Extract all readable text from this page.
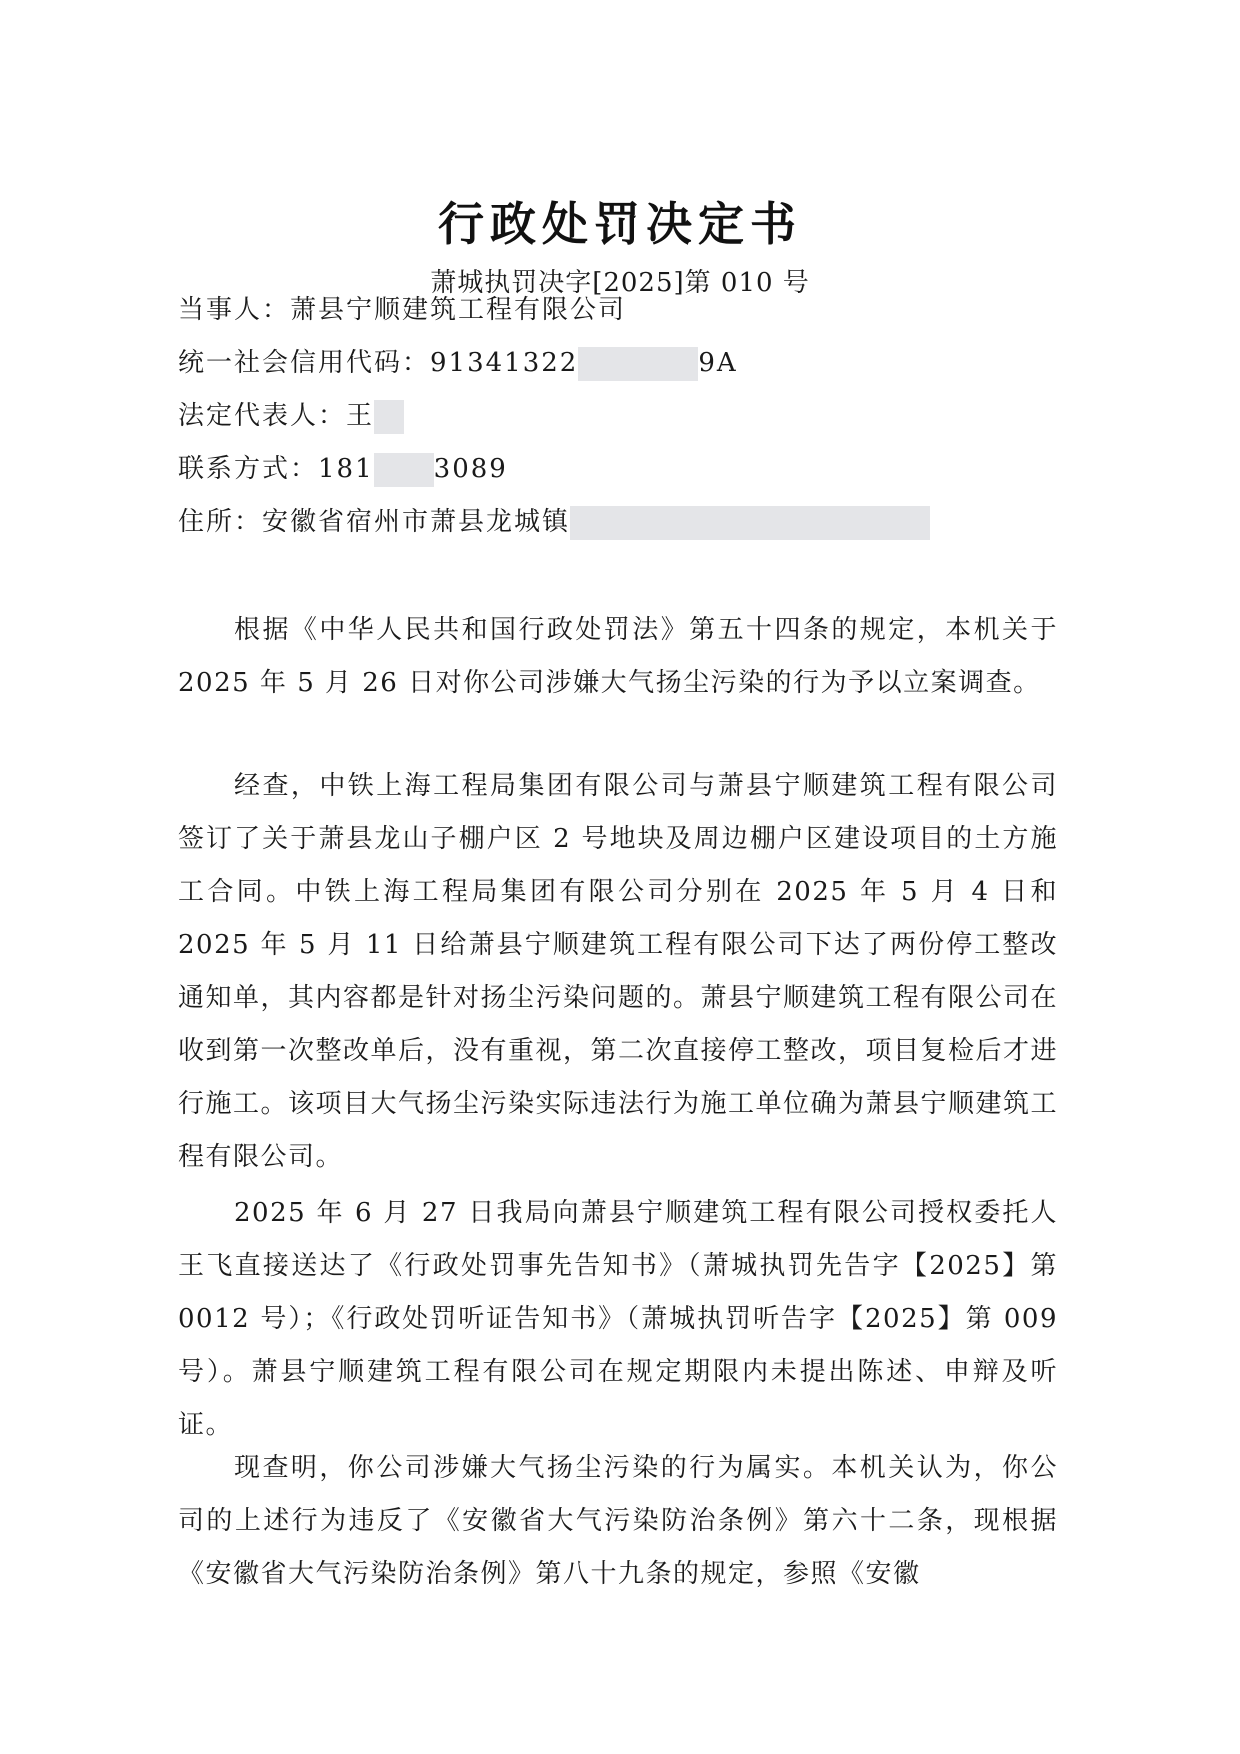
行政处罚决定书
萧城执罚决字[2025]第 010 号
当事人：萧县宁顺建筑工程有限公司
统一社会信用代码：91341322	9A
法定代表人：王
联系方式：181 3089
住所：安徽省宿州市萧县龙城镇

根据《中华人民共和国行政处罚法》第五十四条的规定，本机关于 2025 年 5 月 26 日对你公司涉嫌大气扬尘污染的行为予以立案调查。

经查，中铁上海工程局集团有限公司与萧县宁顺建筑工程有限公司签订了关于萧县龙山子棚户区 2 号地块及周边棚户区建设项目的土方施工合同。中铁上海工程局集团有限公司分别在 2025 年 5 月 4 日和 2025 年 5 月 11 日给萧县宁顺建筑工程有限公司下达了两份停工整改通知单，其内容都是针对扬尘污染问题的。萧县宁顺建筑工程有限公司在收到第一次整改单后，没有重视，第二次直接停工整改，项目复检后才进行施工。该项目大气扬尘污染实际违法行为施工单位确为萧县宁顺建筑工程有限公司。

2025 年 6 月 27 日我局向萧县宁顺建筑工程有限公司授权委托人王飞直接送达了《行政处罚事先告知书》（萧城执罚先告字【2025】第 0012 号）；《行政处罚听证告知书》（萧城执罚听告字【2025】第 009 号）。萧县宁顺建筑工程有限公司在规定期限内未提出陈述、申辩及听证。

现查明，你公司涉嫌大气扬尘污染的行为属实。本机关认为，你公司的上述行为违反了《安徽省大气污染防治条例》第六十二条，现根据《安徽省大气污染防治条例》第八十九条的规定，参照《安徽
